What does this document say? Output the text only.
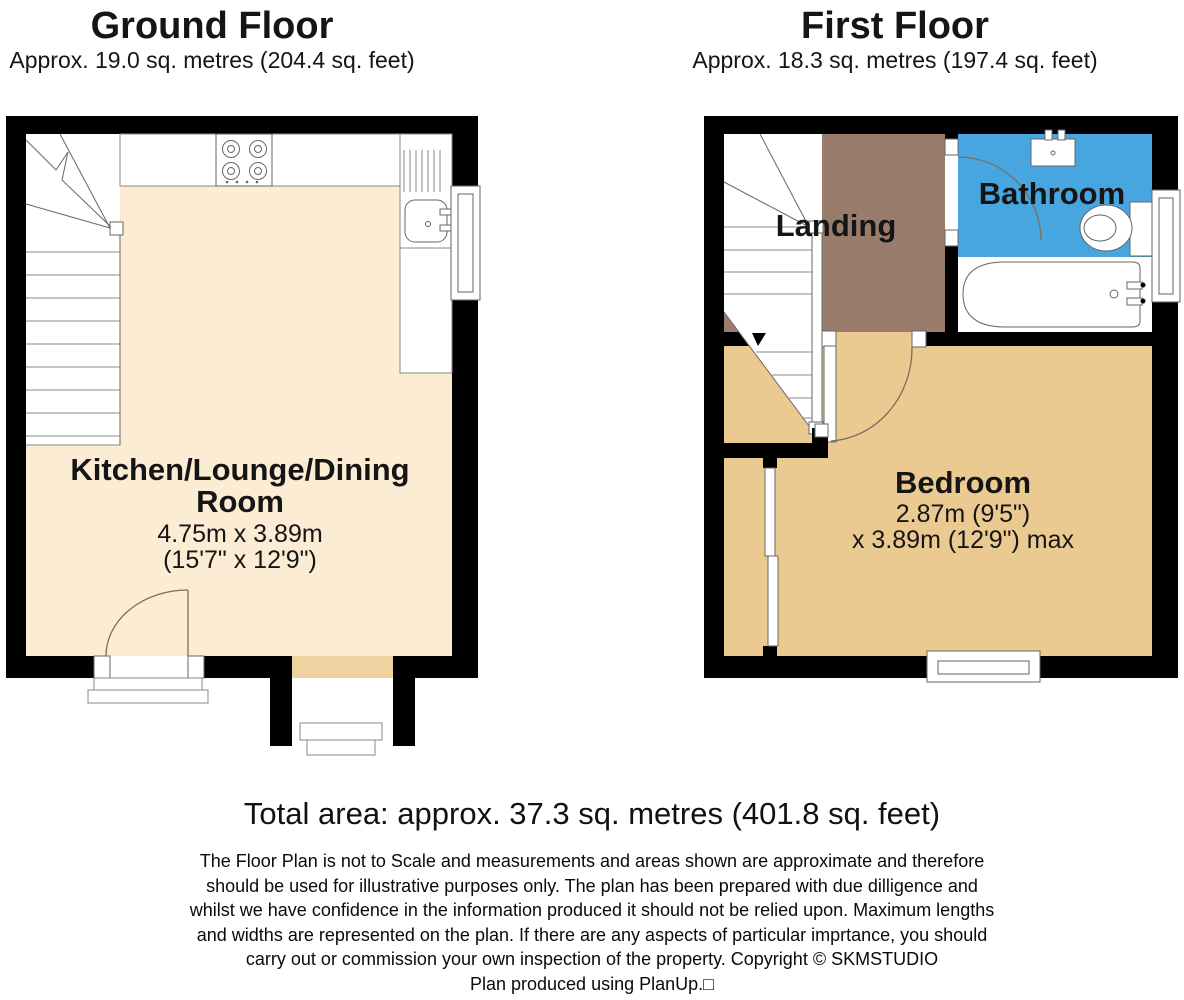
Ground Floor
Approx. 19.0 sq. metres (204.4 sq. feet)
Kitchen/Lounge/Dining
Room
4.75m x 3.89m
(15'7" x 12'9")
First Floor
Approx. 18.3 sq. metres (197.4 sq. feet)
Landing
Bathroom
Bedroom
2.87m (9'5")
x 3.89m (12'9") max
Total area: approx. 37.3 sq. metres (401.8 sq. feet)
The Floor Plan is not to Scale and measurements and areas shown are approximate and therefore
should be used for illustrative purposes only. The plan has been prepared with due dilligence and
whilst we have confidence in the information produced it should not be relied upon. Maximum lengths
and widths are represented on the plan. If there are any aspects of particular imprtance, you should
carry out or commission your own inspection of the property. Copyright © SKMSTUDIO
Plan produced using PlanUp.□
